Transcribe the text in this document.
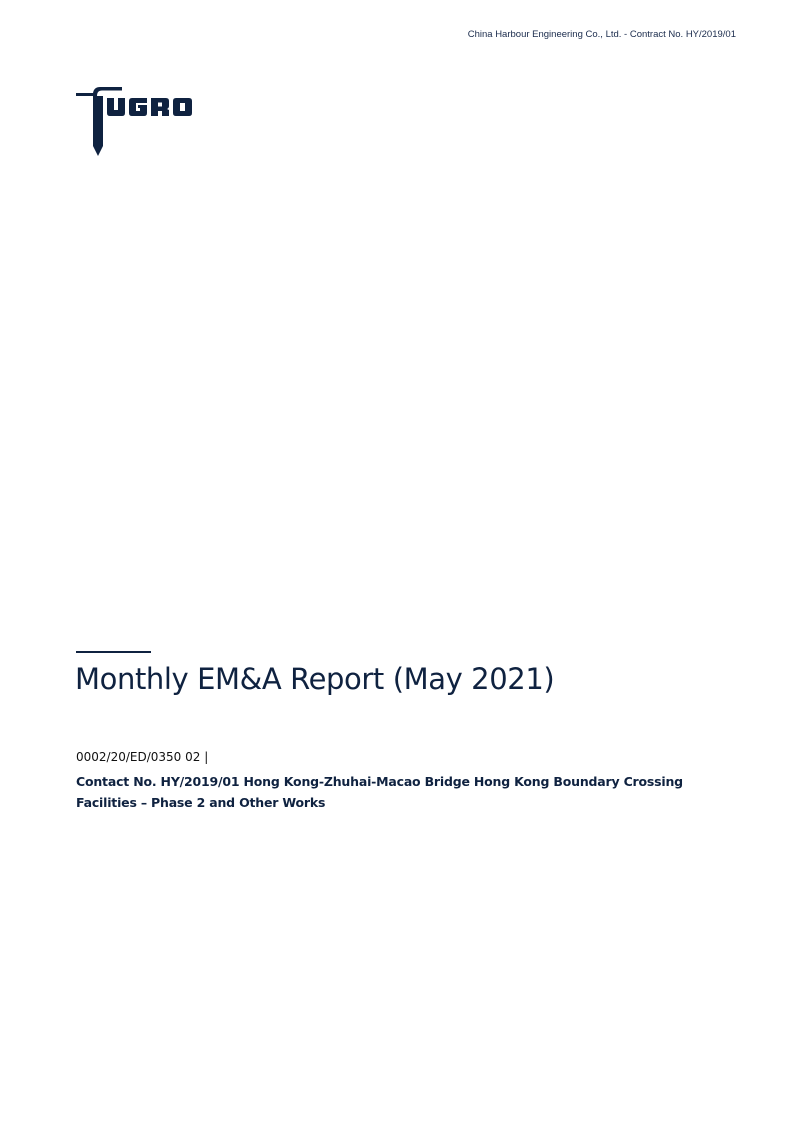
China Harbour Engineering Co., Ltd. - Contract No. HY/2019/01
Monthly EM&A Report (May 2021)
0002/20/ED/0350 02 |
Contact No. HY/2019/01 Hong Kong-Zhuhai-Macao Bridge Hong Kong Boundary Crossing
Facilities – Phase 2 and Other Works
